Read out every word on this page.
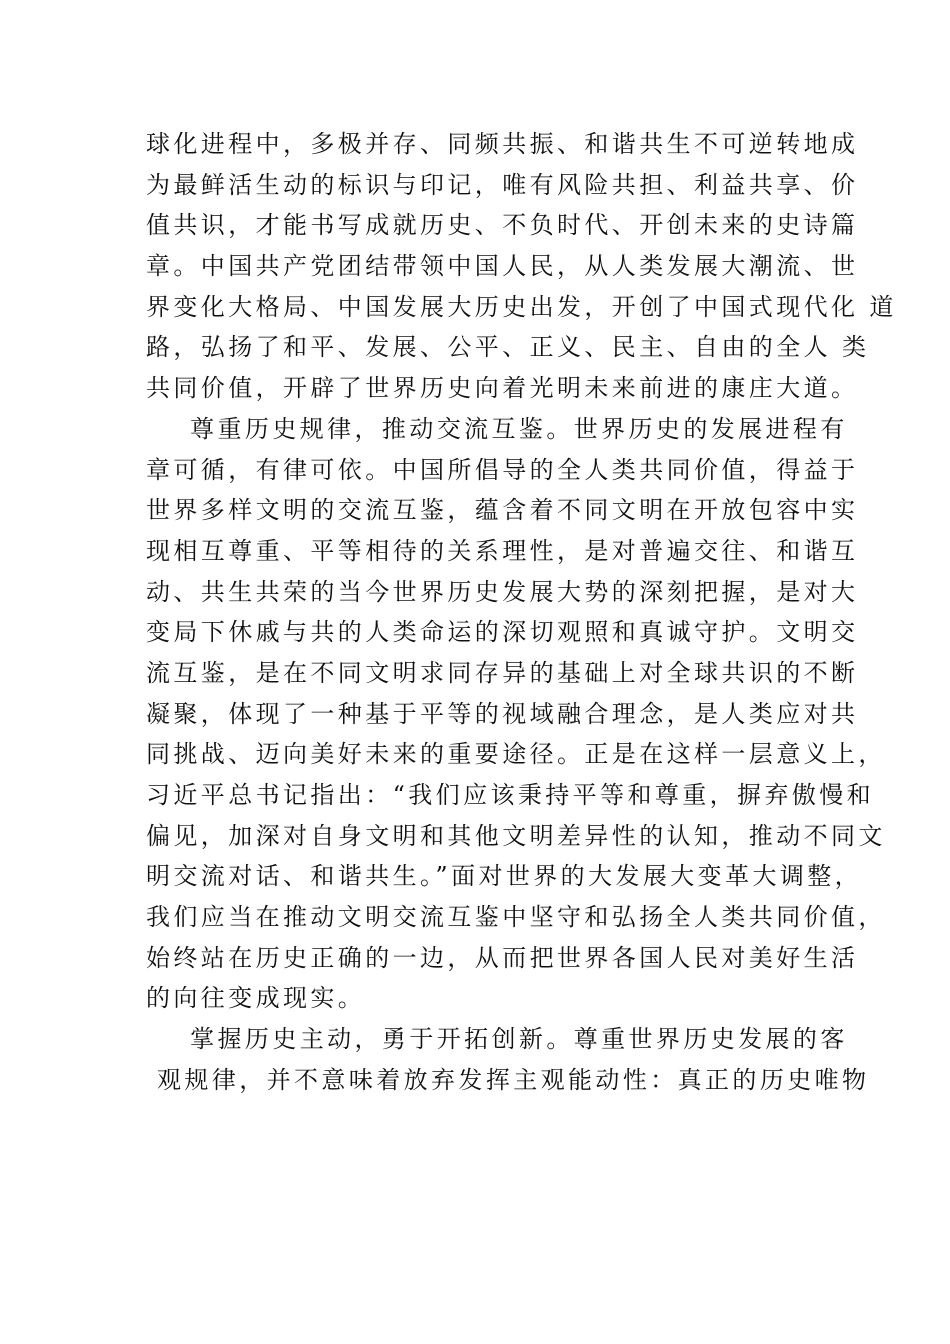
球化进程中，多极并存、同频共振、和谐共生不可逆转地成
为最鲜活生动的标识与印记，唯有风险共担、利益共享、价
值共识，才能书写成就历史、不负时代、开创未来的史诗篇
章。中国共产党团结带领中国人民，从人类发展大潮流、世
界变化大格局、中国发展大历史出发，开创了中国式现代化 道
路，弘扬了和平、发展、公平、正义、民主、自由的全人 类
共同价值，开辟了世界历史向着光明未来前进的康庄大道。
尊重历史规律，推动交流互鉴。世界历史的发展进程有
章可循，有律可依。中国所倡导的全人类共同价值，得益于
世界多样文明的交流互鉴，蕴含着不同文明在开放包容中实
现相互尊重、平等相待的关系理性，是对普遍交往、和谐互
动、共生共荣的当今世界历史发展大势的深刻把握，是对大
变局下休戚与共的人类命运的深切观照和真诚守护。文明交
流互鉴，是在不同文明求同存异的基础上对全球共识的不断
凝聚，体现了一种基于平等的视域融合理念，是人类应对共
同挑战、迈向美好未来的重要途径。正是在这样一层意义上，
习近平总书记指出：“我们应该秉持平等和尊重，摒弃傲慢和
偏见，加深对自身文明和其他文明差异性的认知，推动不同文
明交流对话、和谐共生。”面对世界的大发展大变革大调整，
我们应当在推动文明交流互鉴中坚守和弘扬全人类共同价值，
始终站在历史正确的一边，从而把世界各国人民对美好生活
的向往变成现实。
掌握历史主动，勇于开拓创新。尊重世界历史发展的客
观规律，并不意味着放弃发挥主观能动性：真正的历史唯物
